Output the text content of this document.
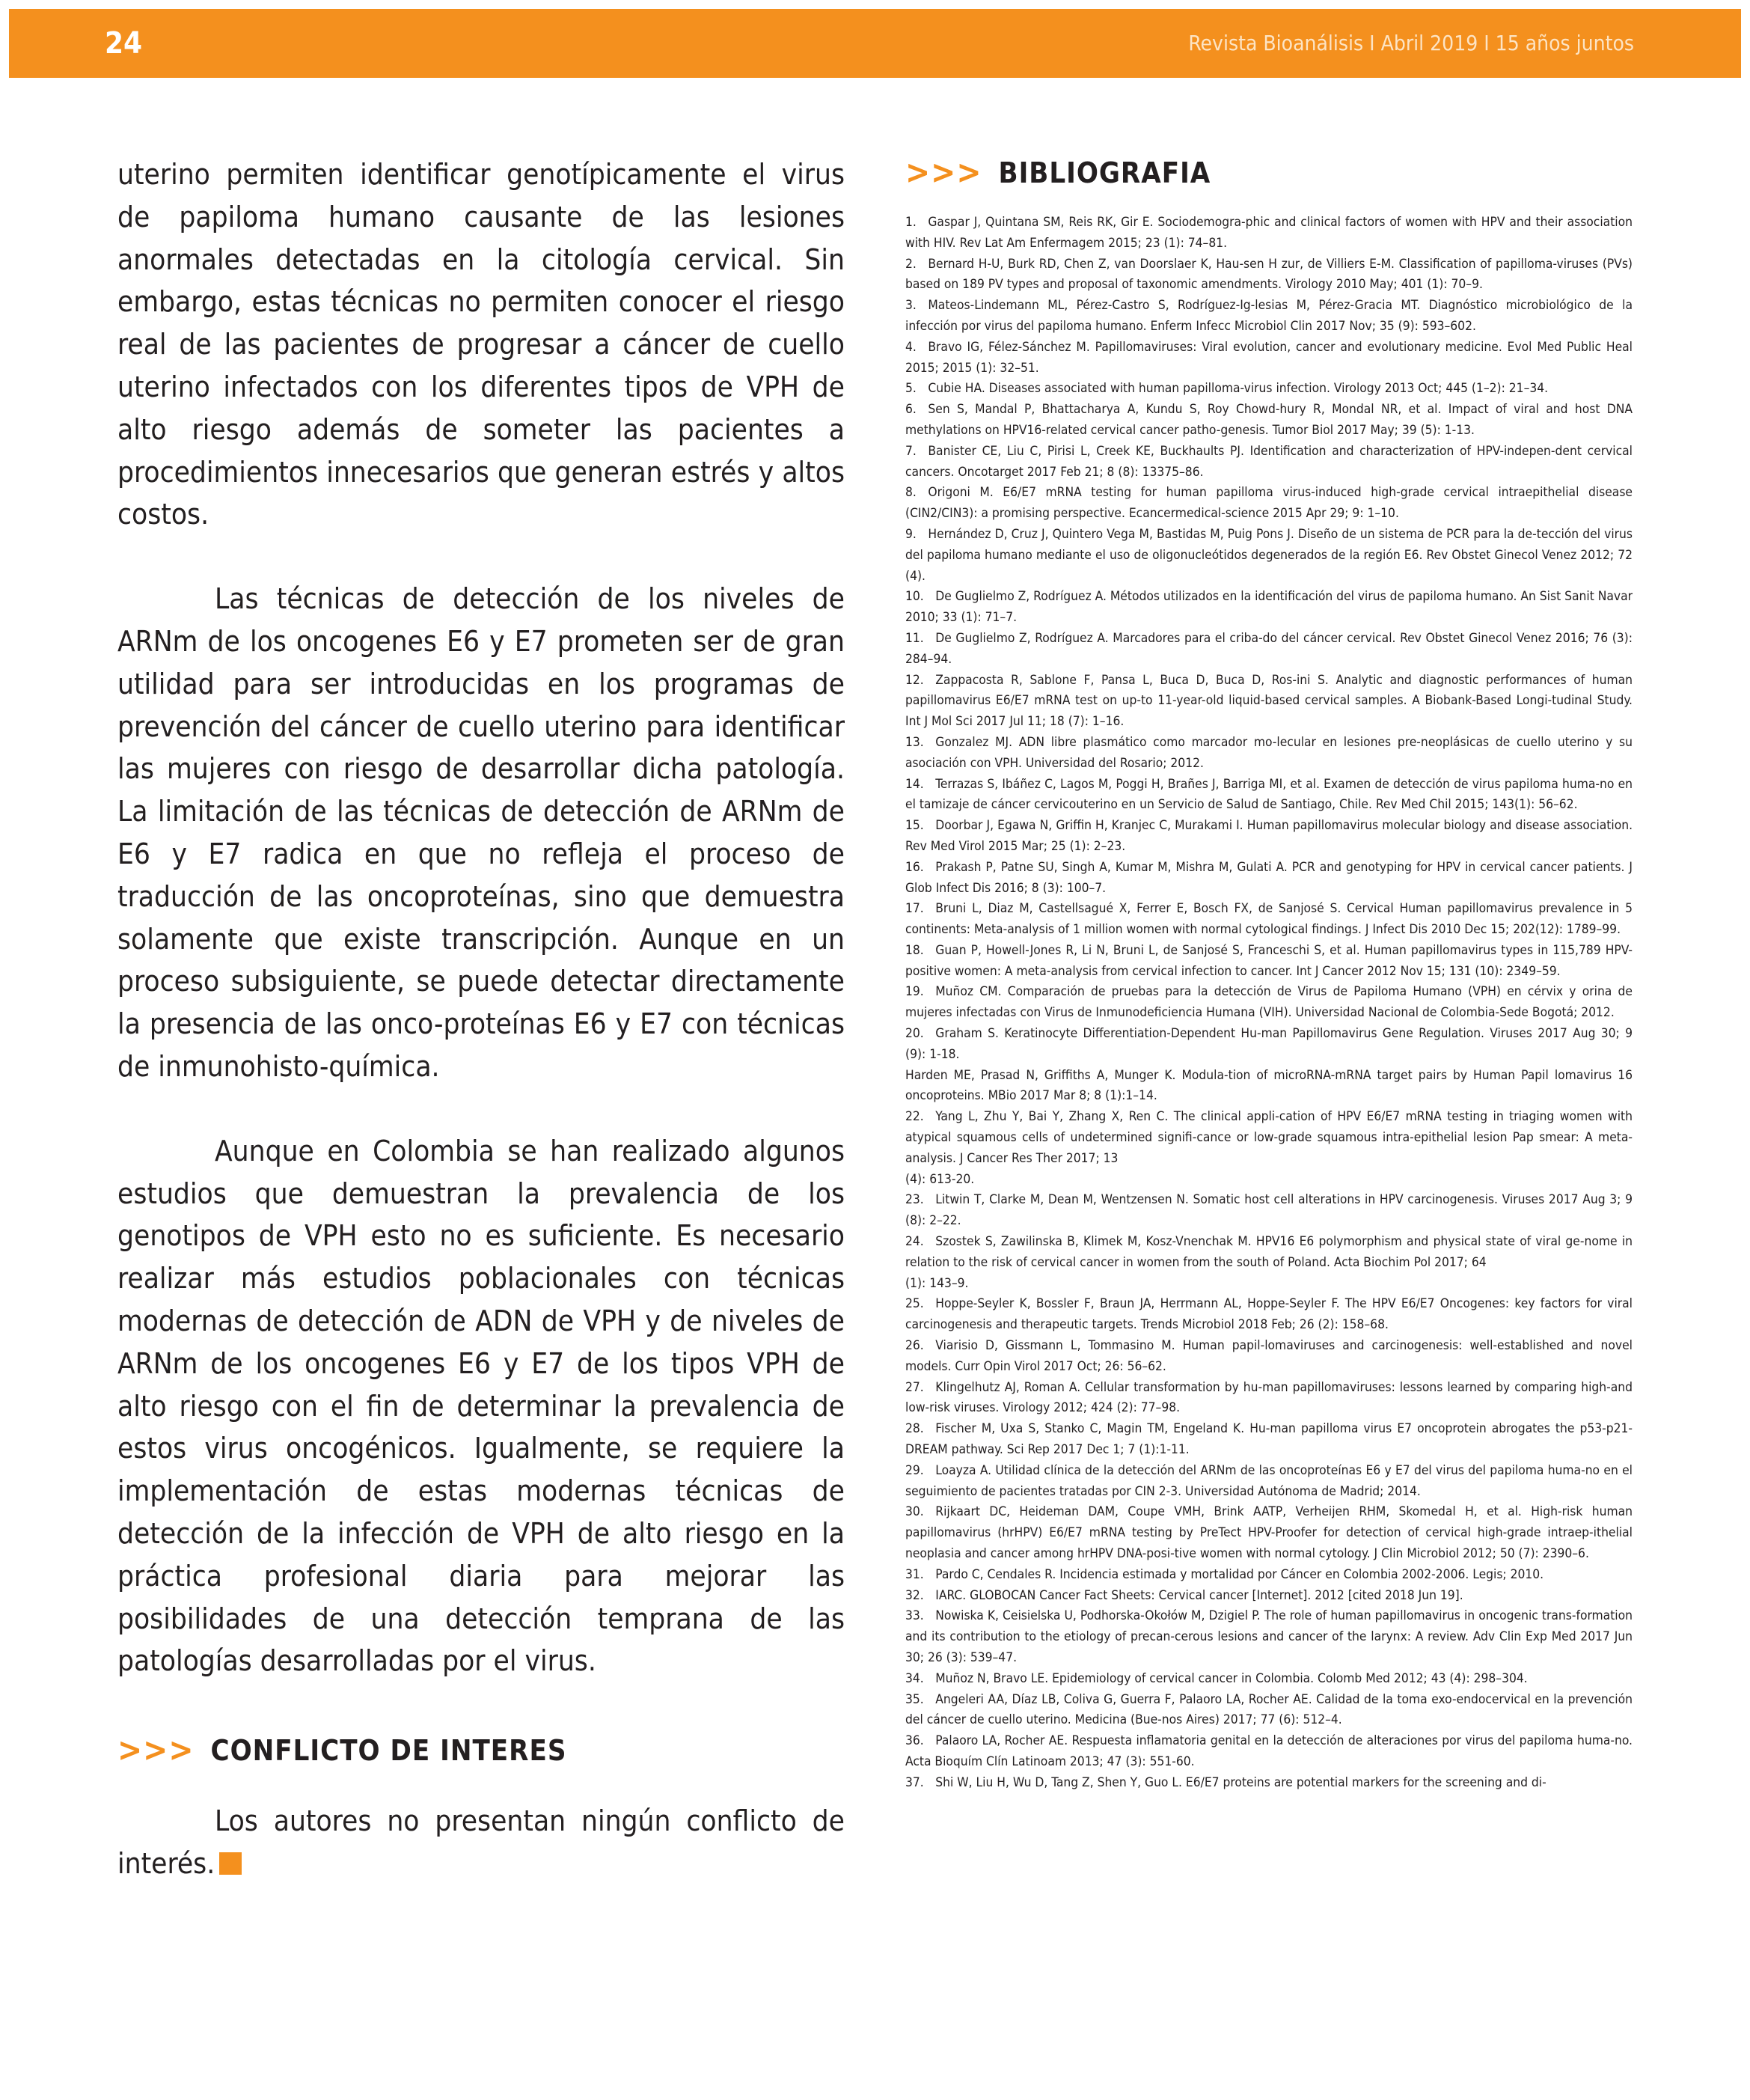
24	Revista Bioanálisis I Abril 2019 I 15 años juntos

uterino permiten identificar genotípicamente el virus de papiloma humano causante de las lesiones anormales detectadas en la citología cervical. Sin embargo, estas técnicas no permiten conocer el riesgo real de las pacientes de progresar a cáncer de cuello uterino infectados con los diferentes tipos de VPH de alto riesgo además de someter las pacientes a procedimientos innecesarios que generan estrés y altos costos.

Las técnicas de detección de los niveles de ARNm de los oncogenes E6 y E7 prometen ser de gran utilidad para ser introducidas en los programas de prevención del cáncer de cuello uterino para identificar las mujeres con riesgo de desarrollar dicha patología. La limitación de las técnicas de detección de ARNm de E6 y E7 radica en que no refleja el proceso de traducción de las oncoproteínas, sino que demuestra solamente que existe transcripción. Aunque en un proceso subsiguiente, se puede detectar directamente la presencia de las onco-proteínas E6 y E7 con técnicas de inmunohisto-química.

Aunque en Colombia se han realizado algunos estudios que demuestran la prevalencia de los genotipos de VPH esto no es suficiente. Es necesario realizar más estudios poblacionales con técnicas modernas de detección de ADN de VPH y de niveles de ARNm de los oncogenes E6 y E7 de los tipos VPH de alto riesgo con el fin de determinar la prevalencia de estos virus oncogénicos. Igualmente, se requiere la implementación de estas modernas técnicas de detección de la infección de VPH de alto riesgo en la práctica profesional diaria para mejorar las posibilidades de una detección temprana de las patologías desarrolladas por el virus.

>>> CONFLICTO DE INTERES

Los autores no presentan ningún conflicto de interés.

>>> BIBLIOGRAFIA
1. Gaspar J, Quintana SM, Reis RK, Gir E. Sociodemogra-phic and clinical factors of women with HPV and their association with HIV. Rev Lat Am Enfermagem 2015; 23 (1): 74–81.
2. Bernard H-U, Burk RD, Chen Z, van Doorslaer K, Hau-sen H zur, de Villiers E-M. Classification of papilloma-viruses (PVs) based on 189 PV types and proposal of taxonomic amendments. Virology 2010 May; 401 (1): 70–9.
3. Mateos-Lindemann ML, Pérez-Castro S, Rodríguez-Ig-lesias M, Pérez-Gracia MT. Diagnóstico microbiológico de la infección por virus del papiloma humano. Enferm Infecc Microbiol Clin 2017 Nov; 35 (9): 593–602.
4. Bravo IG, Félez-Sánchez M. Papillomaviruses: Viral evolution, cancer and evolutionary medicine. Evol Med Public Heal 2015; 2015 (1): 32–51.
5. Cubie HA. Diseases associated with human papilloma-virus infection. Virology 2013 Oct; 445 (1–2): 21–34.
6. Sen S, Mandal P, Bhattacharya A, Kundu S, Roy Chowd-hury R, Mondal NR, et al. Impact of viral and host DNA methylations on HPV16-related cervical cancer patho-genesis. Tumor Biol 2017 May; 39 (5): 1-13.
7. Banister CE, Liu C, Pirisi L, Creek KE, Buckhaults PJ. Identification and characterization of HPV-indepen-dent cervical cancers. Oncotarget 2017 Feb 21; 8 (8): 13375–86.
8. Origoni M. E6/E7 mRNA testing for human papilloma virus-induced high-grade cervical intraepithelial disease (CIN2/CIN3): a promising perspective. Ecancermedical-science 2015 Apr 29; 9: 1–10.
9. Hernández D, Cruz J, Quintero Vega M, Bastidas M, Puig Pons J. Diseño de un sistema de PCR para la de-tección del virus del papiloma humano mediante el uso de oligonucleótidos degenerados de la región E6. Rev Obstet Ginecol Venez 2012; 72 (4).
10. De Guglielmo Z, Rodríguez A. Métodos utilizados en la identificación del virus de papiloma humano. An Sist Sanit Navar 2010; 33 (1): 71–7.
11. De Guglielmo Z, Rodríguez A. Marcadores para el criba-do del cáncer cervical. Rev Obstet Ginecol Venez 2016; 76 (3): 284–94.
12. Zappacosta R, Sablone F, Pansa L, Buca D, Buca D, Ros-ini S. Analytic and diagnostic performances of human papillomavirus E6/E7 mRNA test on up-to 11-year-old liquid-based cervical samples. A Biobank-Based Longi-tudinal Study. Int J Mol Sci 2017 Jul 11; 18 (7): 1–16.
13. Gonzalez MJ. ADN libre plasmático como marcador mo-lecular en lesiones pre-neoplásicas de cuello uterino y su asociación con VPH. Universidad del Rosario; 2012.
14. Terrazas S, Ibáñez C, Lagos M, Poggi H, Brañes J, Barriga MI, et al. Examen de detección de virus papiloma huma-no en el tamizaje de cáncer cervicouterino en un Servicio de Salud de Santiago, Chile. Rev Med Chil 2015; 143(1): 56–62.
15. Doorbar J, Egawa N, Griffin H, Kranjec C, Murakami I. Human papillomavirus molecular biology and disease association. Rev Med Virol 2015 Mar; 25 (1): 2–23.
16. Prakash P, Patne SU, Singh A, Kumar M, Mishra M, Gulati A. PCR and genotyping for HPV in cervical cancer patients. J Glob Infect Dis 2016; 8 (3): 100–7.
17. Bruni L, Diaz M, Castellsagué X, Ferrer E, Bosch FX, de Sanjosé S. Cervical Human papillomavirus prevalence in 5 continents: Meta-analysis of 1 million women with normal cytological findings. J Infect Dis 2010 Dec 15; 202(12): 1789–99.
18. Guan P, Howell-Jones R, Li N, Bruni L, de Sanjosé S, Franceschi S, et al. Human papillomavirus types in 115,789 HPV-positive women: A meta-analysis from cervical infection to cancer. Int J Cancer 2012 Nov 15; 131 (10): 2349–59.
19. Muñoz CM. Comparación de pruebas para la detección de Virus de Papiloma Humano (VPH) en cérvix y orina de mujeres infectadas con Virus de Inmunodeficiencia Humana (VIH). Universidad Nacional de Colombia-Sede Bogotá; 2012.
20. Graham S. Keratinocyte Differentiation-Dependent Hu-man Papillomavirus Gene Regulation. Viruses 2017 Aug 30; 9 (9): 1-18.
Harden ME, Prasad N, Griffiths A, Munger K. Modula-tion of microRNA-mRNA target pairs by Human Papil lomavirus 16 oncoproteins. MBio 2017 Mar 8; 8 (1):1–14.
22. Yang L, Zhu Y, Bai Y, Zhang X, Ren C. The clinical appli-cation of HPV E6/E7 mRNA testing in triaging women with atypical squamous cells of undetermined signifi-cance or low-grade squamous intra-epithelial lesion Pap smear: A meta-analysis. J Cancer Res Ther 2017; 13
(4): 613-20.
23. Litwin T, Clarke M, Dean M, Wentzensen N. Somatic host cell alterations in HPV carcinogenesis. Viruses 2017 Aug 3; 9 (8): 2–22.
24. Szostek S, Zawilinska B, Klimek M, Kosz-Vnenchak M. HPV16 E6 polymorphism and physical state of viral ge-nome in relation to the risk of cervical cancer in women from the south of Poland. Acta Biochim Pol 2017; 64
(1): 143–9.
25. Hoppe-Seyler K, Bossler F, Braun JA, Herrmann AL, Hoppe-Seyler F. The HPV E6/E7 Oncogenes: key factors for viral carcinogenesis and therapeutic targets. Trends Microbiol 2018 Feb; 26 (2): 158–68.
26. Viarisio D, Gissmann L, Tommasino M. Human papil-lomaviruses and carcinogenesis: well-established and novel models. Curr Opin Virol 2017 Oct; 26: 56–62.
27. Klingelhutz AJ, Roman A. Cellular transformation by hu-man papillomaviruses: lessons learned by comparing high-and low-risk viruses. Virology 2012; 424 (2): 77–98.
28. Fischer M, Uxa S, Stanko C, Magin TM, Engeland K. Hu-man papilloma virus E7 oncoprotein abrogates the p53-p21-DREAM pathway. Sci Rep 2017 Dec 1; 7 (1):1-11.
29. Loayza A. Utilidad clínica de la detección del ARNm de las oncoproteínas E6 y E7 del virus del papiloma huma-no en el seguimiento de pacientes tratadas por CIN 2-3. Universidad Autónoma de Madrid; 2014.
30. Rijkaart DC, Heideman DAM, Coupe VMH, Brink AATP, Verheijen RHM, Skomedal H, et al. High-risk human papillomavirus (hrHPV) E6/E7 mRNA testing by PreTect HPV-Proofer for detection of cervical high-grade intraep-ithelial neoplasia and cancer among hrHPV DNA-posi-tive women with normal cytology. J Clin Microbiol 2012; 50 (7): 2390–6.
31. Pardo C, Cendales R. Incidencia estimada y mortalidad por Cáncer en Colombia 2002-2006. Legis; 2010.
32. IARC. GLOBOCAN Cancer Fact Sheets: Cervical cancer [Internet]. 2012 [cited 2018 Jun 19].
33. Nowiska K, Ceisielska U, Podhorska-Okołów M, Dzigiel P. The role of human papillomavirus in oncogenic trans-formation and its contribution to the etiology of precan-cerous lesions and cancer of the larynx: A review. Adv Clin Exp Med 2017 Jun 30; 26 (3): 539–47.
34. Muñoz N, Bravo LE. Epidemiology of cervical cancer in Colombia. Colomb Med 2012; 43 (4): 298–304.
35. Angeleri AA, Díaz LB, Coliva G, Guerra F, Palaoro LA, Rocher AE. Calidad de la toma exo-endocervical en la prevención del cáncer de cuello uterino. Medicina (Bue-nos Aires) 2017; 77 (6): 512–4.
36. Palaoro LA, Rocher AE. Respuesta inflamatoria genital en la detección de alteraciones por virus del papiloma huma-no. Acta Bioquím Clín Latinoam 2013; 47 (3): 551-60.
37. Shi W, Liu H, Wu D, Tang Z, Shen Y, Guo L. E6/E7 proteins are potential markers for the screening and di-
